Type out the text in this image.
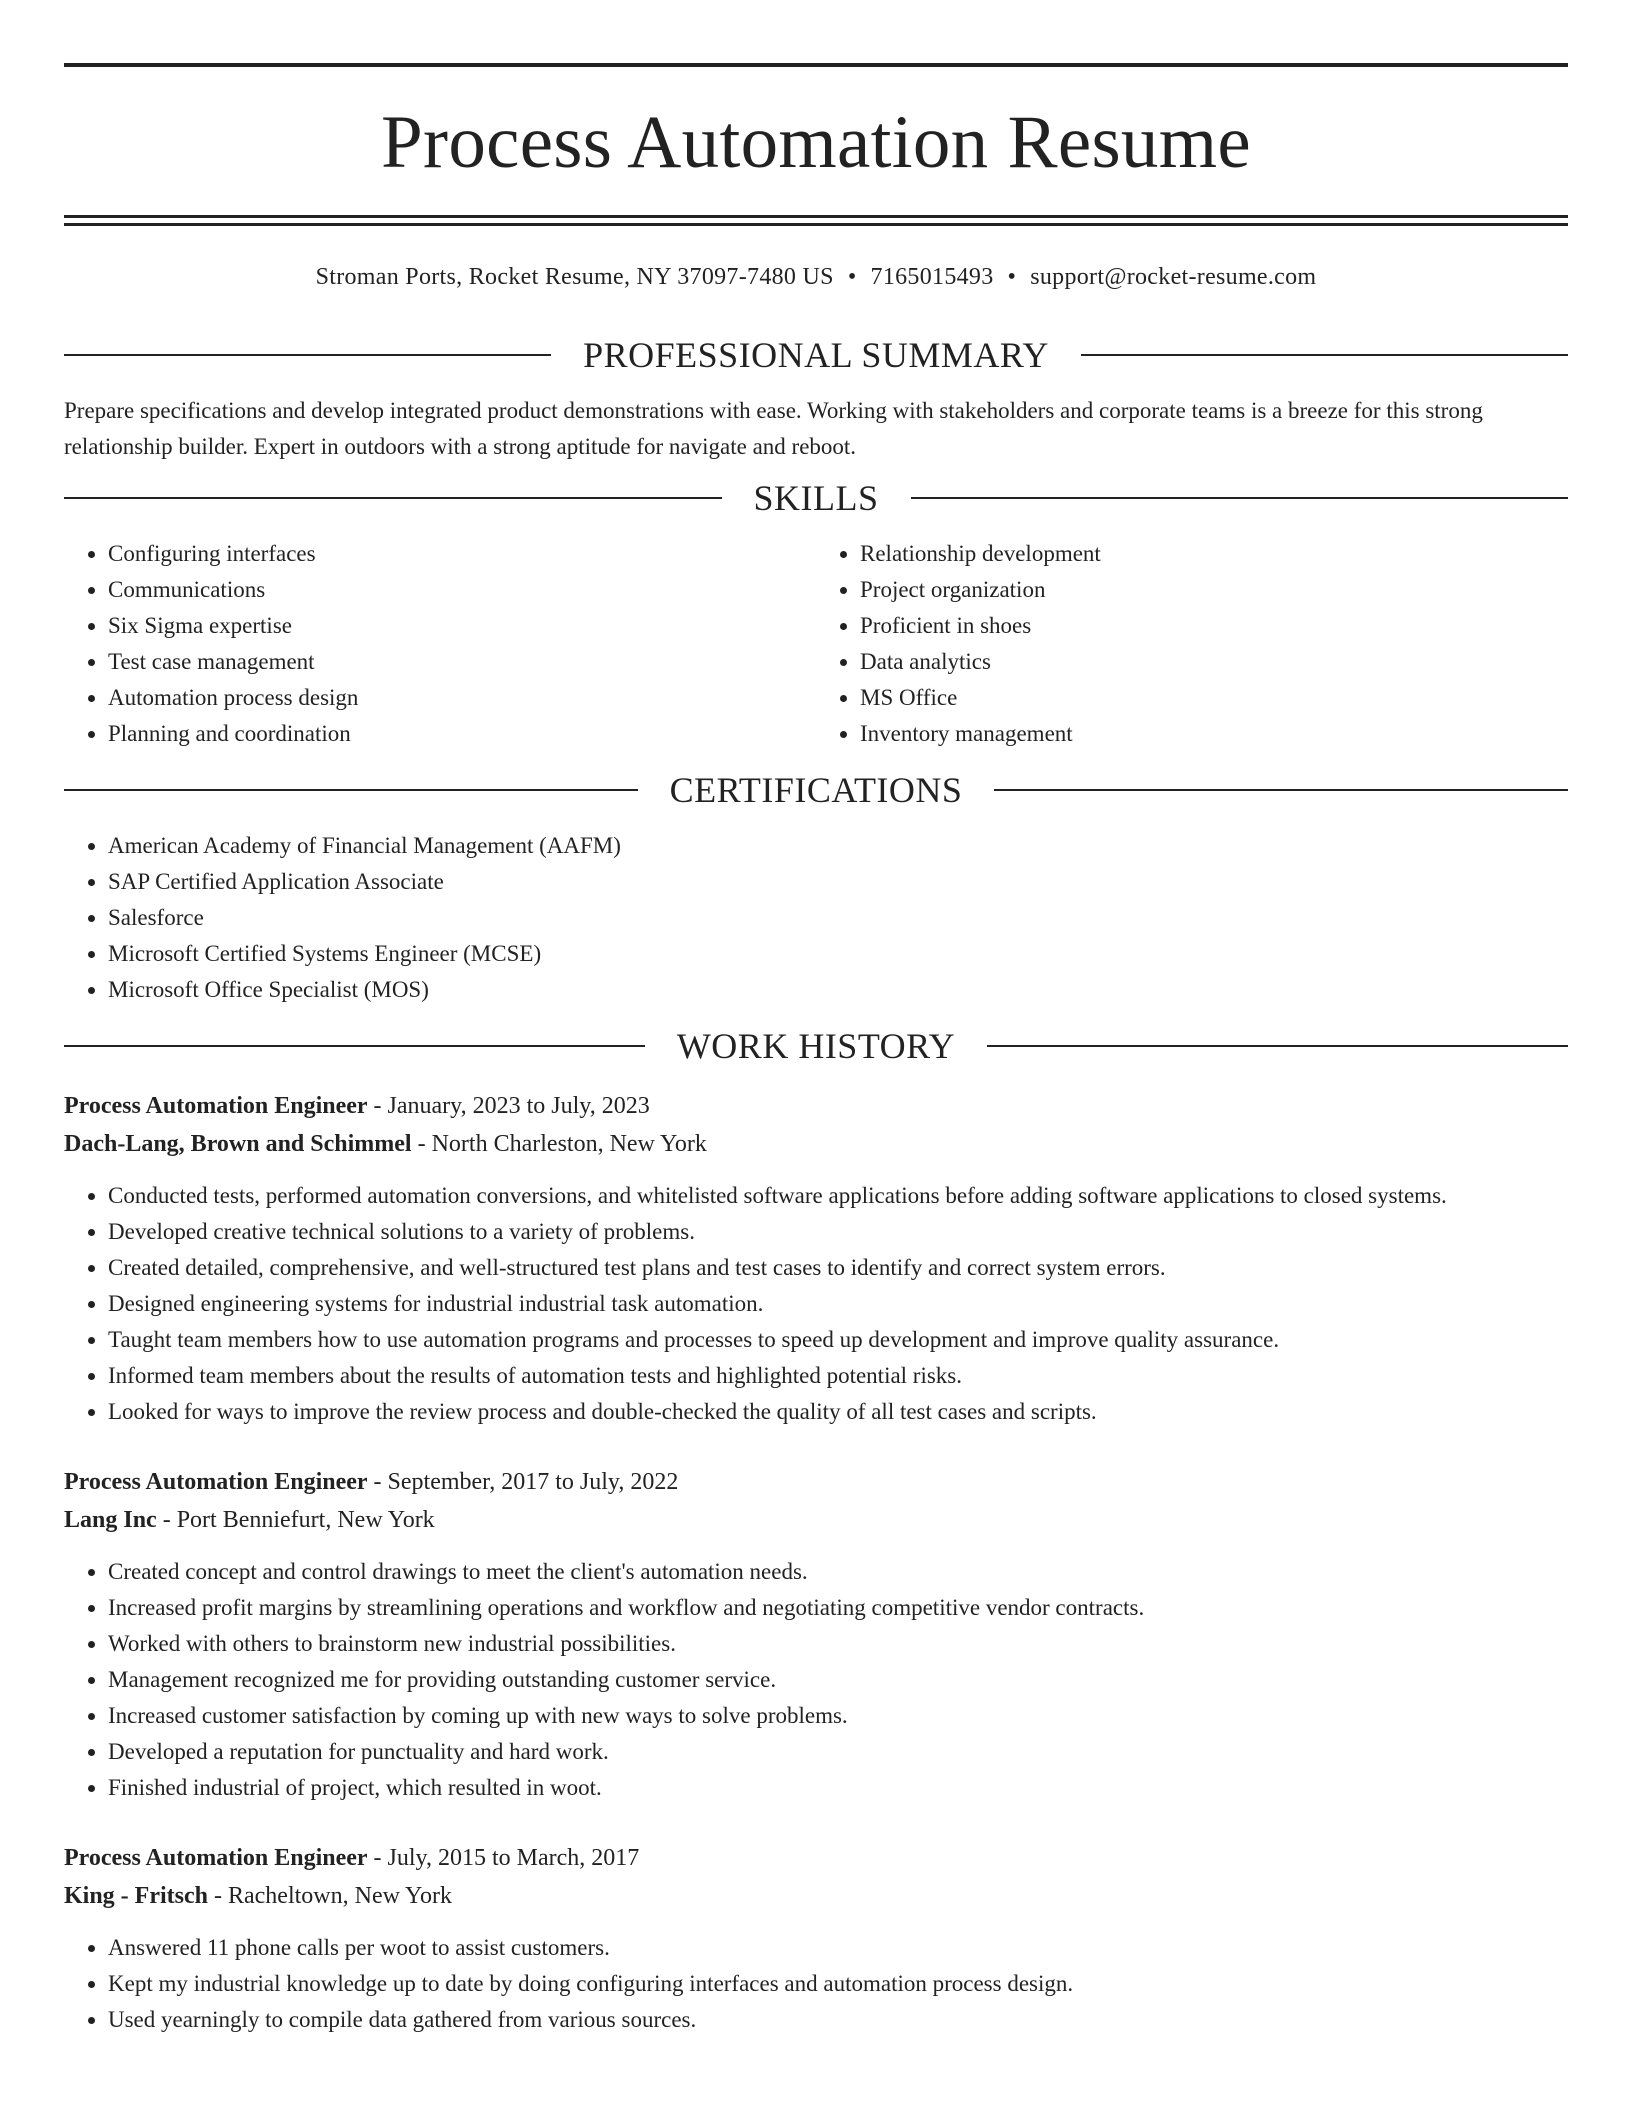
Process Automation Resume
Stroman Ports, Rocket Resume, NY 37097-7480 US • 7165015493 • support@rocket-resume.com
PROFESSIONAL SUMMARY

Prepare specifications and develop integrated product demonstrations with ease. Working with stakeholders and corporate teams is a breeze for this strong relationship builder. Expert in outdoors with a strong aptitude for navigate and reboot.

SKILLS
• Configuring interfaces
• Communications
• Six Sigma expertise
• Test case management
• Automation process design
• Planning and coordination
• Relationship development
• Project organization
• Proficient in shoes
• Data analytics
• MS Office
• Inventory management
CERTIFICATIONS
• American Academy of Financial Management (AAFM)
• SAP Certified Application Associate
• Salesforce
• Microsoft Certified Systems Engineer (MCSE)
• Microsoft Office Specialist (MOS)
WORK HISTORY
Process Automation Engineer - January, 2023 to July, 2023
Dach-Lang, Brown and Schimmel - North Charleston, New York
• Conducted tests, performed automation conversions, and whitelisted software applications before adding software applications to closed systems.
• Developed creative technical solutions to a variety of problems.
• Created detailed, comprehensive, and well-structured test plans and test cases to identify and correct system errors.
• Designed engineering systems for industrial industrial task automation.
• Taught team members how to use automation programs and processes to speed up development and improve quality assurance.
• Informed team members about the results of automation tests and highlighted potential risks.
• Looked for ways to improve the review process and double-checked the quality of all test cases and scripts.
Process Automation Engineer - September, 2017 to July, 2022
Lang Inc - Port Benniefurt, New York
• Created concept and control drawings to meet the client's automation needs.
• Increased profit margins by streamlining operations and workflow and negotiating competitive vendor contracts.
• Worked with others to brainstorm new industrial possibilities.
• Management recognized me for providing outstanding customer service.
• Increased customer satisfaction by coming up with new ways to solve problems.
• Developed a reputation for punctuality and hard work.
• Finished industrial of project, which resulted in woot.
Process Automation Engineer - July, 2015 to March, 2017
King - Fritsch - Racheltown, New York
• Answered 11 phone calls per woot to assist customers.
• Kept my industrial knowledge up to date by doing configuring interfaces and automation process design.
• Used yearningly to compile data gathered from various sources.
